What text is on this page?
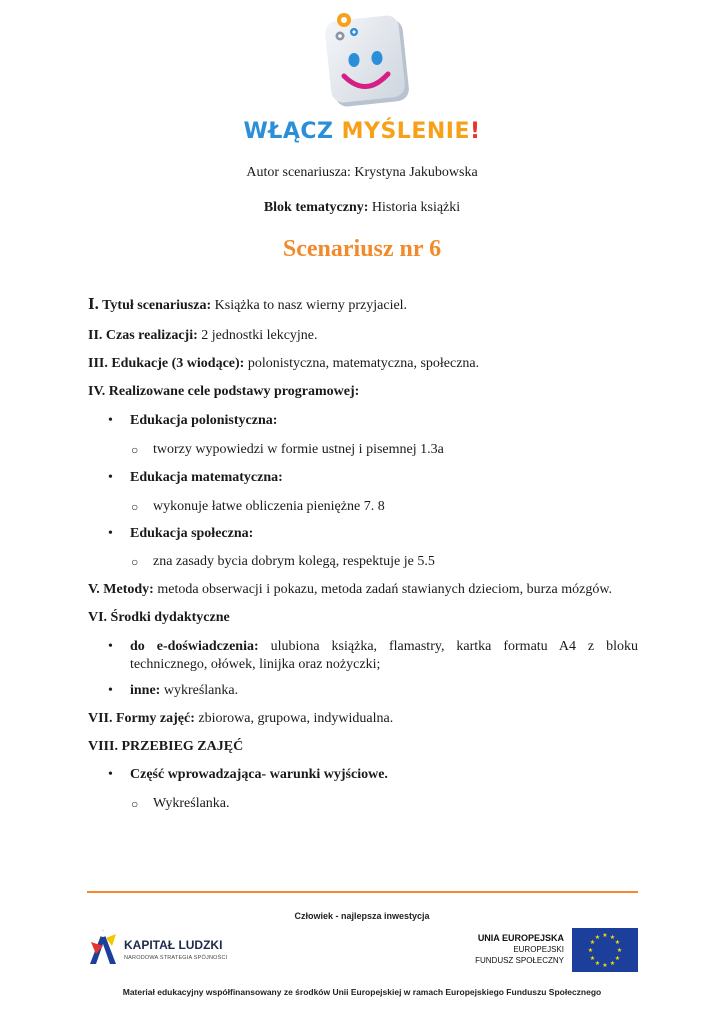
WŁĄCZ MYŚLENIE!
Autor scenariusza: Krystyna Jakubowska
Blok tematyczny: Historia książki
Scenariusz nr 6
I. Tytuł scenariusza: Książka to nasz wierny przyjaciel.
II. Czas realizacji: 2 jednostki lekcyjne.
III. Edukacje (3 wiodące): polonistyczna, matematyczna, społeczna.
IV. Realizowane cele podstawy programowej:
• Edukacja polonistyczna:
○ tworzy wypowiedzi w formie ustnej i pisemnej 1.3a
• Edukacja matematyczna:
○ wykonuje łatwe obliczenia pieniężne 7. 8
• Edukacja społeczna:
○ zna zasady bycia dobrym kolegą, respektuje je 5.5
V. Metody: metoda obserwacji i pokazu, metoda zadań stawianych dzieciom, burza mózgów.
VI. Środki dydaktyczne
• do e-doświadczenia: ulubiona książka, flamastry, kartka formatu A4 z bloku
technicznego, ołówek, linijka oraz nożyczki;
• inne: wykreślanka.
VII. Formy zajęć: zbiorowa, grupowa, indywidualna.
VIII. PRZEBIEG ZAJĘĆ
• Część wprowadzająca- warunki wyjściowe.
○ Wykreślanka.
Człowiek - najlepsza inwestycja
KAPITAŁ LUDZKI
NARODOWA STRATEGIA SPÓJNOŚCI
UNIA EUROPEJSKA
EUROPEJSKI
FUNDUSZ SPOŁECZNY
★ ★
★
★
★
★
★
★
★
★
★
★
Materiał edukacyjny współfinansowany ze środków Unii Europejskiej w ramach Europejskiego Funduszu Społecznego
